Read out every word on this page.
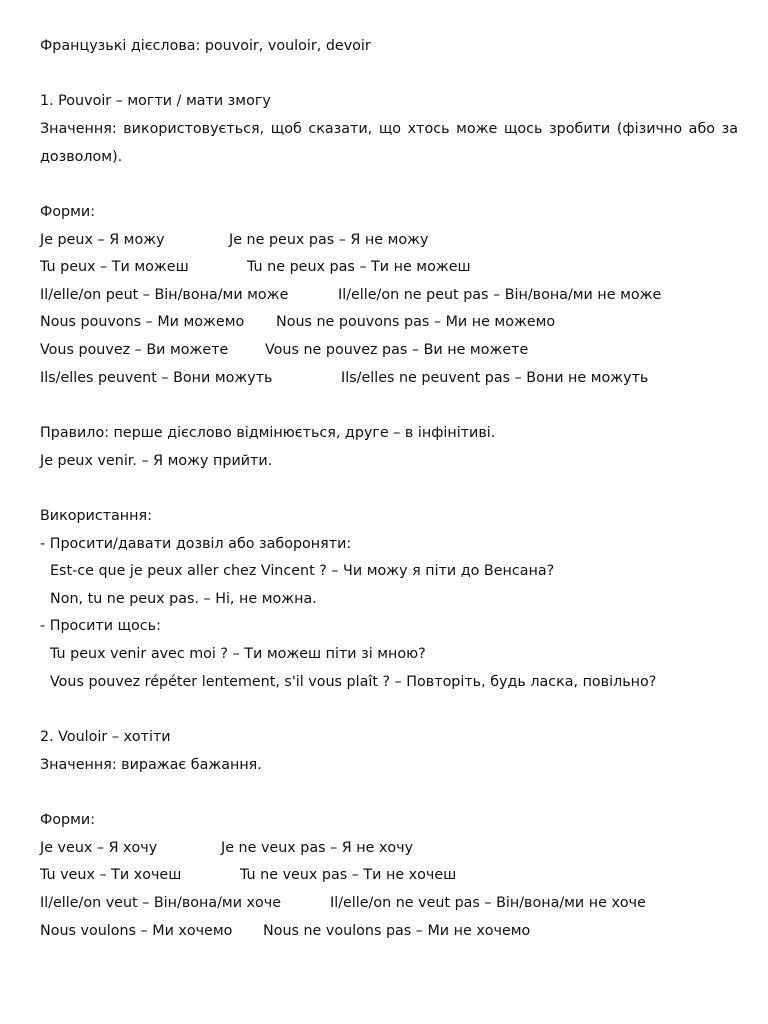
Французькі дієслова: pouvoir, vouloir, devoir
1. Pouvoir – могти / мати змогу
Значення: використовується, щоб сказати, що хтось може щось зробити (фізично або за дозволом).
Форми:
Je peux – Я можу	Je ne peux pas – Я не можу
Tu peux – Ти можеш	Tu ne peux pas – Ти не можеш
Il/elle/on peut – Він/вона/ми може	Il/elle/on ne peut pas – Він/вона/ми не може
Nous pouvons – Ми можемо	Nous ne pouvons pas – Ми не можемо
Vous pouvez – Ви можете	Vous ne pouvez pas – Ви не можете
Ils/elles peuvent – Вони можуть	Ils/elles ne peuvent pas – Вони не можуть
Правило: перше дієслово відмінюється, друге – в інфінітиві.
Je peux venir. – Я можу прийти.
Використання:
- Просити/давати дозвіл або забороняти:
Est-ce que je peux aller chez Vincent ? – Чи можу я піти до Венсана?
Non, tu ne peux pas. – Ні, не можна.
- Просити щось:
Tu peux venir avec moi ? – Ти можеш піти зі мною?
Vous pouvez répéter lentement, s'il vous plaît ? – Повторіть, будь ласка, повільно?
2. Vouloir – хотіти
Значення: виражає бажання.
Форми:
Je veux – Я хочу	Je ne veux pas – Я не хочу
Tu veux – Ти хочеш	Tu ne veux pas – Ти не хочеш
Il/elle/on veut – Він/вона/ми хоче	Il/elle/on ne veut pas – Він/вона/ми не хоче
Nous voulons – Ми хочемо	Nous ne voulons pas – Ми не хочемо
